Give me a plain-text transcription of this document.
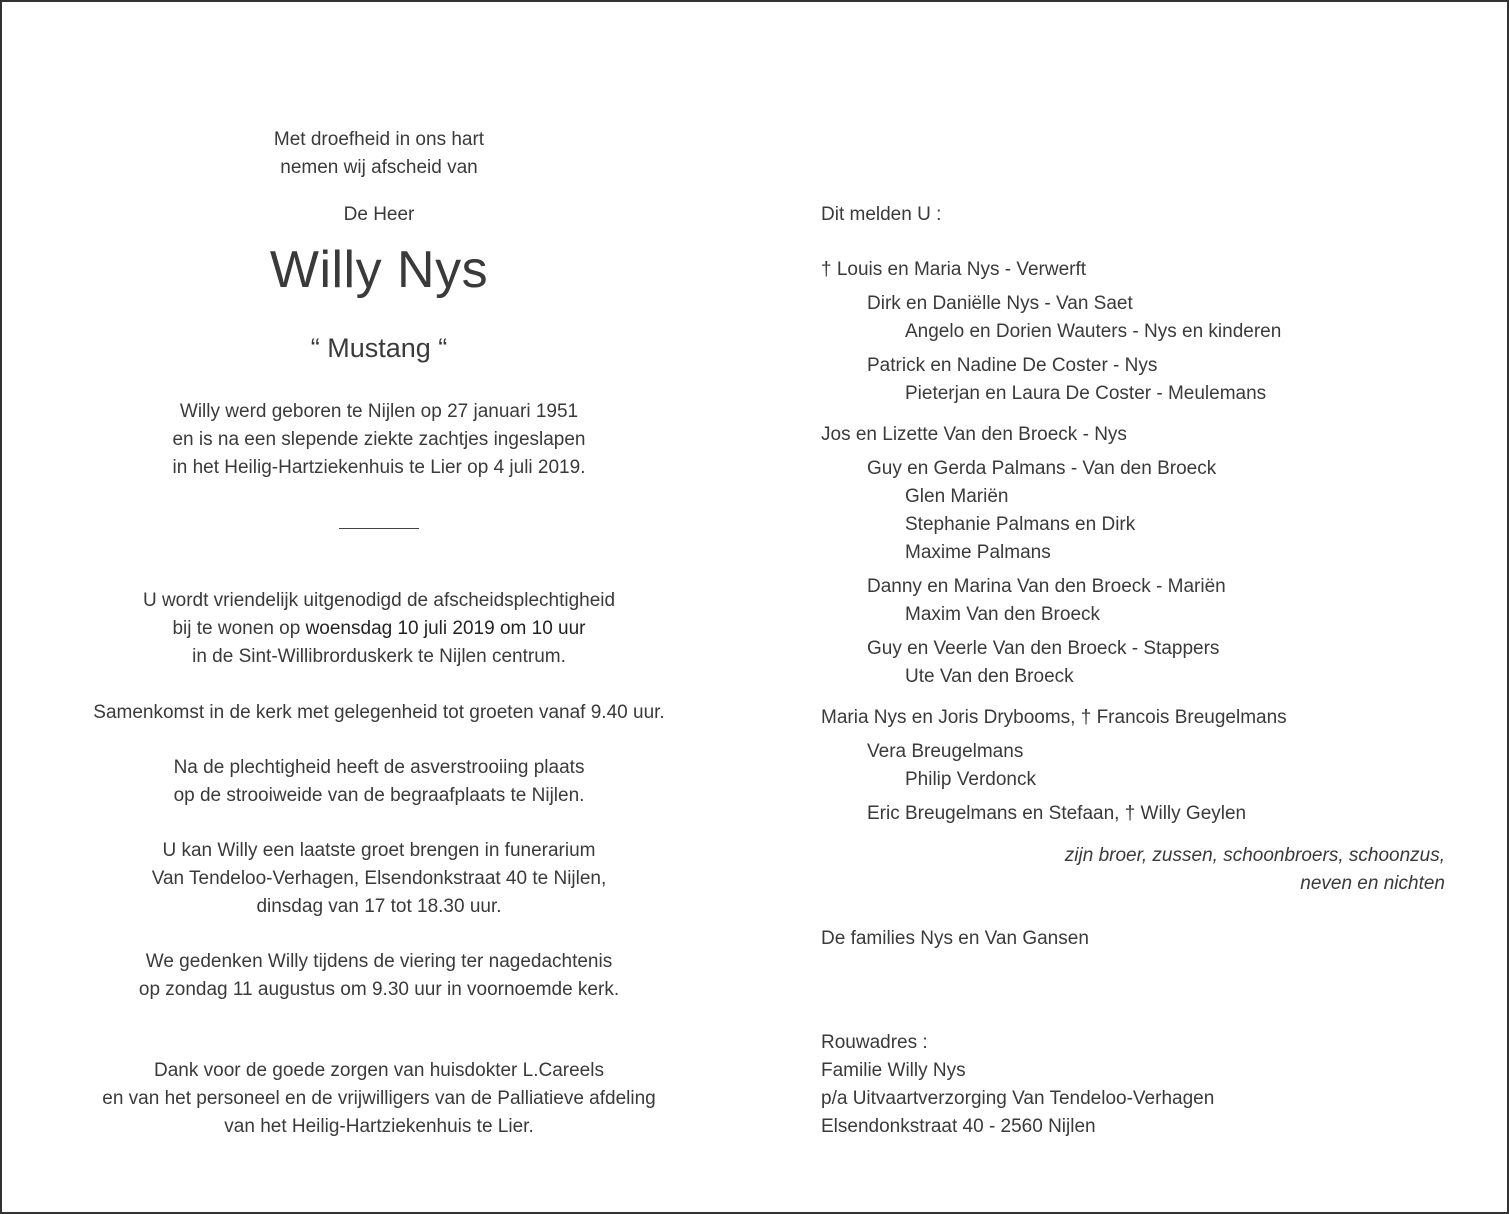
Met droefheid in ons hart
nemen wij afscheid van
De Heer
Willy Nys
“ Mustang “
Willy werd geboren te Nijlen op 27 januari 1951
en is na een slepende ziekte zachtjes ingeslapen
in het Heilig-Hartziekenhuis te Lier op 4 juli 2019.
U wordt vriendelijk uitgenodigd de afscheidsplechtigheid
bij te wonen op woensdag 10 juli 2019 om 10 uur
in de Sint-Willibrorduskerk te Nijlen centrum.
Samenkomst in de kerk met gelegenheid tot groeten vanaf 9.40 uur.
Na de plechtigheid heeft de asverstrooiing plaats
op de strooiweide van de begraafplaats te Nijlen.
U kan Willy een laatste groet brengen in funerarium
Van Tendeloo-Verhagen, Elsendonkstraat 40 te Nijlen,
dinsdag van 17 tot 18.30 uur.
We gedenken Willy tijdens de viering ter nagedachtenis
op zondag 11 augustus om 9.30 uur in voornoemde kerk.
Dank voor de goede zorgen van huisdokter L.Careels
en van het personeel en de vrijwilligers van de Palliatieve afdeling
van het Heilig-Hartziekenhuis te Lier.
Dit melden U :
† Louis en Maria Nys - Verwerft
Dirk en Daniëlle Nys - Van Saet
Angelo en Dorien Wauters - Nys en kinderen
Patrick en Nadine De Coster - Nys
Pieterjan en Laura De Coster - Meulemans
Jos en Lizette Van den Broeck - Nys
Guy en Gerda Palmans - Van den Broeck
Glen Mariën
Stephanie Palmans en Dirk
Maxime Palmans
Danny en Marina Van den Broeck - Mariën
Maxim Van den Broeck
Guy en Veerle Van den Broeck - Stappers
Ute Van den Broeck
Maria Nys en Joris Drybooms, † Francois Breugelmans
Vera Breugelmans
Philip Verdonck
Eric Breugelmans en Stefaan, † Willy Geylen
zijn broer, zussen, schoonbroers, schoonzus,
neven en nichten
De families Nys en Van Gansen
Rouwadres :
Familie Willy Nys
p/a Uitvaartverzorging Van Tendeloo-Verhagen
Elsendonkstraat 40 - 2560 Nijlen
